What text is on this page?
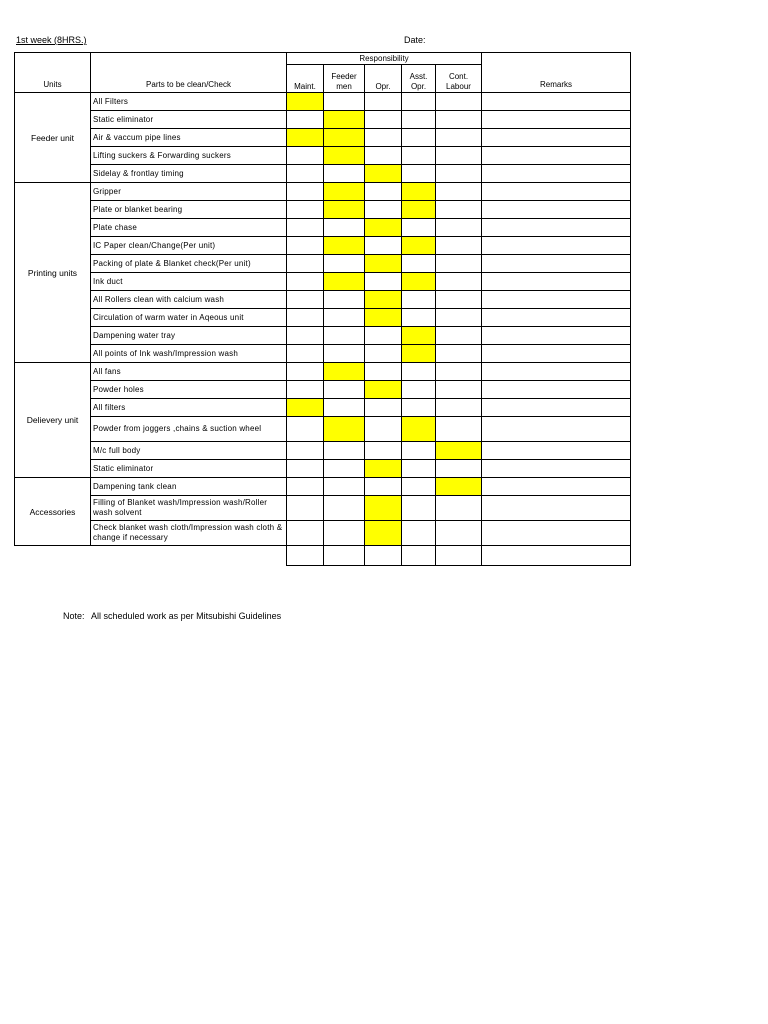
1st week (8HRS.)	Date:
Units	Parts to be clean/Check	Responsibility					Remarks
		Maint.	Feeder men	Opr.	Asst. Opr.	Cont. Labour	
Feeder unit	All Filters						
	Static eliminator						
	Air & vaccum pipe lines						
	Lifting suckers & Forwarding suckers						
	Sidelay & frontlay timing						
Printing units	Gripper						
	Plate or blanket bearing						
	Plate chase						
	IC Paper clean/Change(Per unit)						
	Packing of plate & Blanket check(Per unit)						
	Ink duct						
	All Rollers clean with calcium wash						
	Circulation of warm water in Aqeous unit						
	Dampening water tray						
	All points of Ink wash/Impression wash						
Delievery unit	All fans						
	Powder holes						
	All filters						
	Powder from joggers ,chains & suction wheel						
	M/c full body						
	Static eliminator						
Accessories	Dampening tank clean						
	Filling of Blanket wash/Impression wash/Roller wash solvent						
	Check blanket wash cloth/Impression wash cloth & change if necessary						

Note: All scheduled work as per Mitsubishi Guidelines
